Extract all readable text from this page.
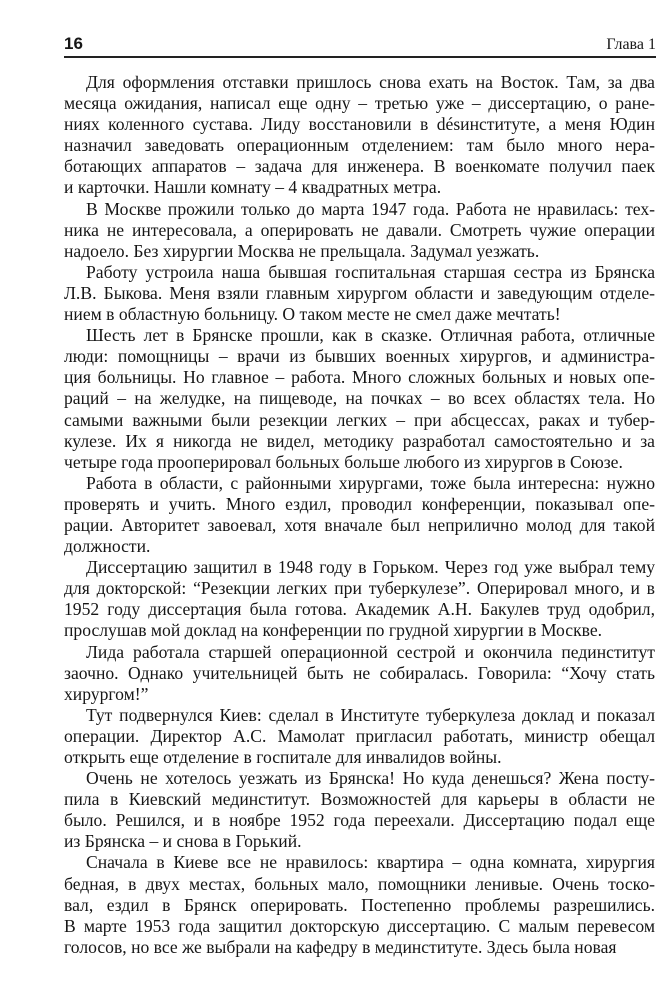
16	Глава 1
Для оформления отставки пришлось снова ехать на Восток. Там, за два
месяца ожидания, написал еще одну – третью уже – диссертацию, о ране-
ниях коленного сустава. Лиду восстановили в désинституте, а меня Юдин
назначил заведовать операционным отделением: там было много нера-
ботающих аппаратов – задача для инженера. В военкомате получил паек
и карточки. Нашли комнату – 4 квадратных метра.
В Москве прожили только до марта 1947 года. Работа не нравилась: тех-
ника не интересовала, а оперировать не давали. Смотреть чужие операции
надоело. Без хирургии Москва не прельщала. Задумал уезжать.
Работу устроила наша бывшая госпитальная старшая сестра из Брянска
Л.В. Быкова. Меня взяли главным хирургом области и заведующим отделе-
нием в областную больницу. О таком месте не смел даже мечтать!
Шесть лет в Брянске прошли, как в сказке. Отличная работа, отличные
люди: помощницы – врачи из бывших военных хирургов, и администра-
ция больницы. Но главное – работа. Много сложных больных и новых опе-
раций – на желудке, на пищеводе, на почках – во всех областях тела. Но
самыми важными были резекции легких – при абсцессах, раках и тубер-
кулезе. Их я никогда не видел, методику разработал самостоятельно и за
четыре года прооперировал больных больше любого из хирургов в Союзе.
Работа в области, с районными хирургами, тоже была интересна: нужно
проверять и учить. Много ездил, проводил конференции, показывал опе-
рации. Авторитет завоевал, хотя вначале был неприлично молод для такой
должности.
Диссертацию защитил в 1948 году в Горьком. Через год уже выбрал тему
для докторской: “Резекции легких при туберкулезе”. Оперировал много, и в
1952 году диссертация была готова. Академик А.Н. Бакулев труд одобрил,
прослушав мой доклад на конференции по грудной хирургии в Москве.
Лида работала старшей операционной сестрой и окончила пединститут
заочно. Однако учительницей быть не собиралась. Говорила: “Хочу стать
хирургом!”
Тут подвернулся Киев: сделал в Институте туберкулеза доклад и показал
операции. Директор А.С. Мамолат пригласил работать, министр обещал
открыть еще отделение в госпитале для инвалидов войны.
Очень не хотелось уезжать из Брянска! Но куда денешься? Жена посту-
пила в Киевский мединститут. Возможностей для карьеры в области не
было. Решился, и в ноябре 1952 года переехали. Диссертацию подал еще
из Брянска – и снова в Горький.
Сначала в Киеве все не нравилось: квартира – одна комната, хирургия
бедная, в двух местах, больных мало, помощники ленивые. Очень тоско-
вал, ездил в Брянск оперировать. Постепенно проблемы разрешились.
В марте 1953 года защитил докторскую диссертацию. С малым перевесом
голосов, но все же выбрали на кафедру в мединституте. Здесь была новая
